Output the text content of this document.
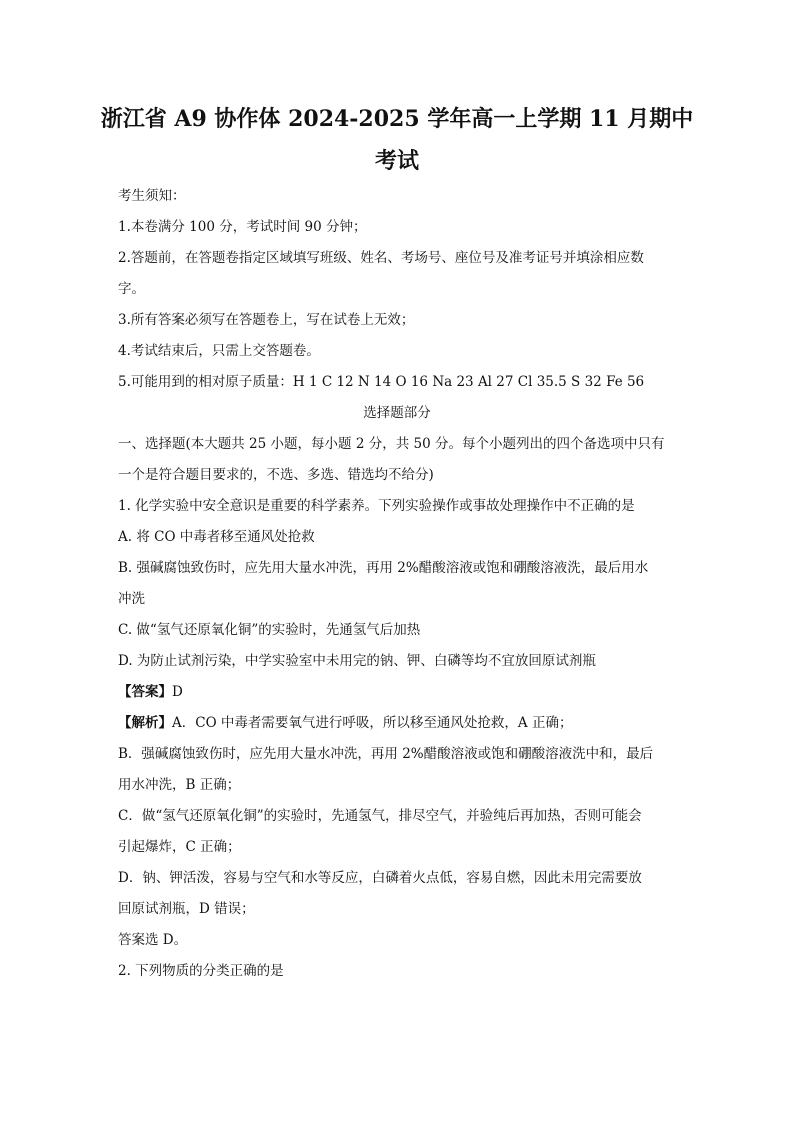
浙江省 A9 协作体 2024-2025 学年高一上学期 11 月期中
考试
考生须知：
1.本卷满分 100 分，考试时间 90 分钟；
2.答题前，在答题卷指定区域填写班级、姓名、考场号、座位号及准考证号并填涂相应数
字。
3.所有答案必须写在答题卷上，写在试卷上无效；
4.考试结束后，只需上交答题卷。
5.可能用到的相对原子质量：H 1 C 12 N 14 O 16 Na 23 Al 27 Cl 35.5 S 32 Fe 56
选择题部分
一、选择题(本大题共 25 小题，每小题 2 分，共 50 分。每个小题列出的四个备选项中只有
一个是符合题目要求的，不选、多选、错选均不给分)
1. 化学实验中安全意识是重要的科学素养。下列实验操作或事故处理操作中不正确的是
A. 将 CO 中毒者移至通风处抢救
B. 强碱腐蚀致伤时，应先用大量水冲洗，再用 2%醋酸溶液或饱和硼酸溶液洗，最后用水
冲洗
C. 做“氢气还原氧化铜”的实验时，先通氢气后加热
D. 为防止试剂污染，中学实验室中未用完的钠、钾、白磷等均不宜放回原试剂瓶
【答案】D
【解析】A．CO 中毒者需要氧气进行呼吸，所以移至通风处抢救，A 正确；
B．强碱腐蚀致伤时，应先用大量水冲洗，再用 2%醋酸溶液或饱和硼酸溶液洗中和，最后
用水冲洗，B 正确；
C．做“氢气还原氧化铜”的实验时，先通氢气，排尽空气，并验纯后再加热，否则可能会
引起爆炸，C 正确；
D．钠、钾活泼，容易与空气和水等反应，白磷着火点低，容易自燃，因此未用完需要放
回原试剂瓶，D 错误；
答案选 D。
2. 下列物质的分类正确的是
